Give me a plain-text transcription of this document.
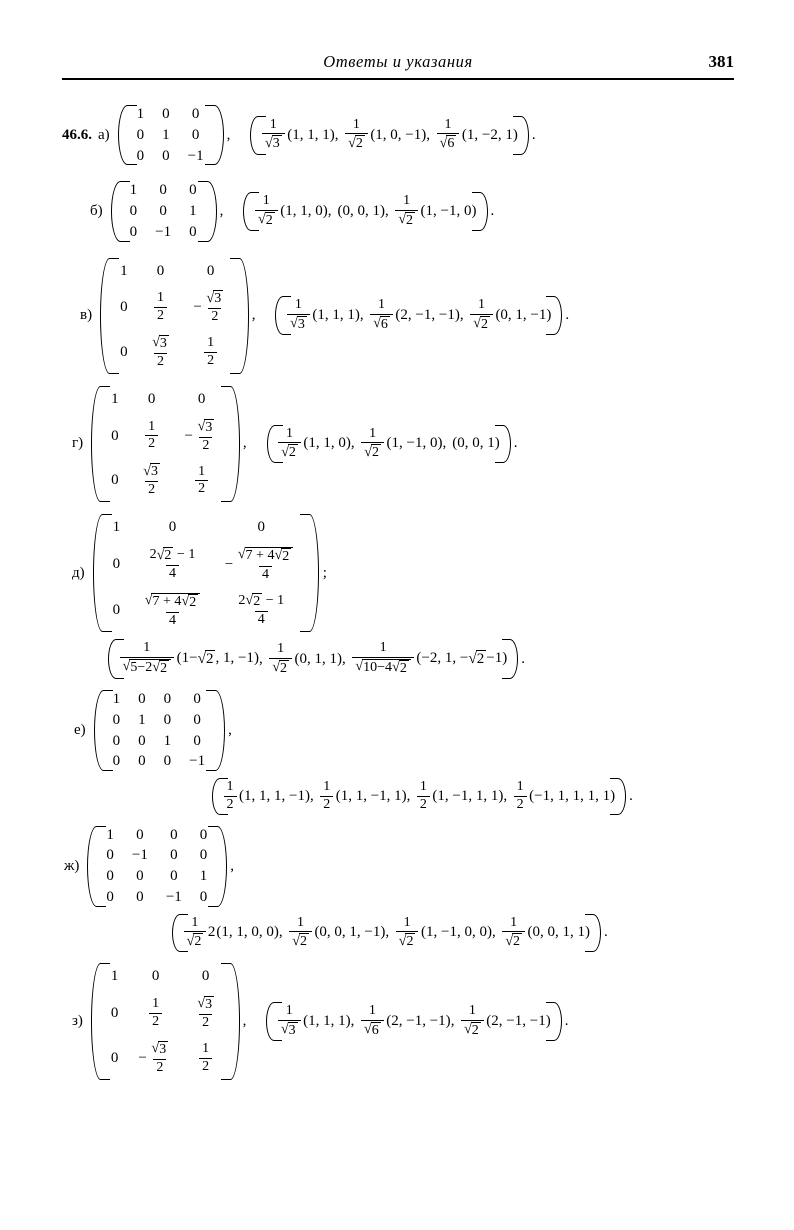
Ответы и указания	381
46.6. а)
1	0	0
0	1	0
0	0	−1
, $\frac{1}{√ 3} (1$, 1, 1) , $\frac{1}{√ 2} (1$, 0, −1) , $\frac{1}{√ 6} (1$, −2, 1) .
б)
1	0	0
0	0	1
0	−1	0
, $\frac{1}{√ 2} (1$, 1, 0) , (0, 0, 1) , $\frac{1}{√ 2} (1$, −1, 0) .
в)
1	0	0
0	$\frac{1}{2}$	− $\frac{√ 3}{2}$

0	$\frac{√ 3}{2}$	$\frac{1}{2}$
, $\frac{1}{√ 3} (1$, 1, 1) , $\frac{1}{√ 6} (2$, −1, −1) , $\frac{1}{√ 2} (0$, 1, −1) .
г)
1	0	0
0	$\frac{1}{2}$	− $\frac{√ 3}{2}$

0	$\frac{√ 3}{2}$	$\frac{1}{2}$
, $\frac{1}{√ 2} (1$, 1, 0) , $\frac{1}{√ 2} (1$, −1, 0) , (0, 0, 1) .
д)
1	0	0
0	$\frac{2 √ 2 - 1}{4}$	− $\frac{√ 7 + 4 √ 2}{4}$

0	$\frac{√ 7 + 4 √ 2}{4}$	$\frac{2 √ 2 - 1}{4}$
;
$\frac{1}{√ 5-2 √ 2} (1-$ √ 2 , 1, −1) , $\frac{1}{√ 2} (0$, 1, 1) , $\frac{1}{√ 10-4 √ 2} (-2$, 1, − √ 2 −1) .
е)
1	0	0	0
0	1	0	0
0	0	1	0
0	0	0	−1
,
$\frac{1}{2} (1$, 1, 1, −1) , $\frac{1}{2} (1$, 1, −1, 1) , $\frac{1}{2} (1$, −1, 1, 1) , $\frac{1}{2} (-1$, 1, 1, 1, 1) .
ж)
1	0	0	0
0	−1	0	0
0	0	0	1
0	0	−1	0
,
$\frac{1}{√ 2} 2$ (1, 1, 0, 0) , $\frac{1}{√ 2} (0$, 0, 1, −1) , $\frac{1}{√ 2} (1$, −1, 0, 0) , $\frac{1}{√ 2} (0$, 0, 1, 1) .
з)
1	0	0
0	$\frac{1}{2}$	$\frac{√ 3}{2}$

0	− $\frac{√ 3}{2}$	$\frac{1}{2}$
, $\frac{1}{√ 3} (1$, 1, 1) , $\frac{1}{√ 6} (2$, −1, −1) , $\frac{1}{√ 2} (2$, −1, −1) .
